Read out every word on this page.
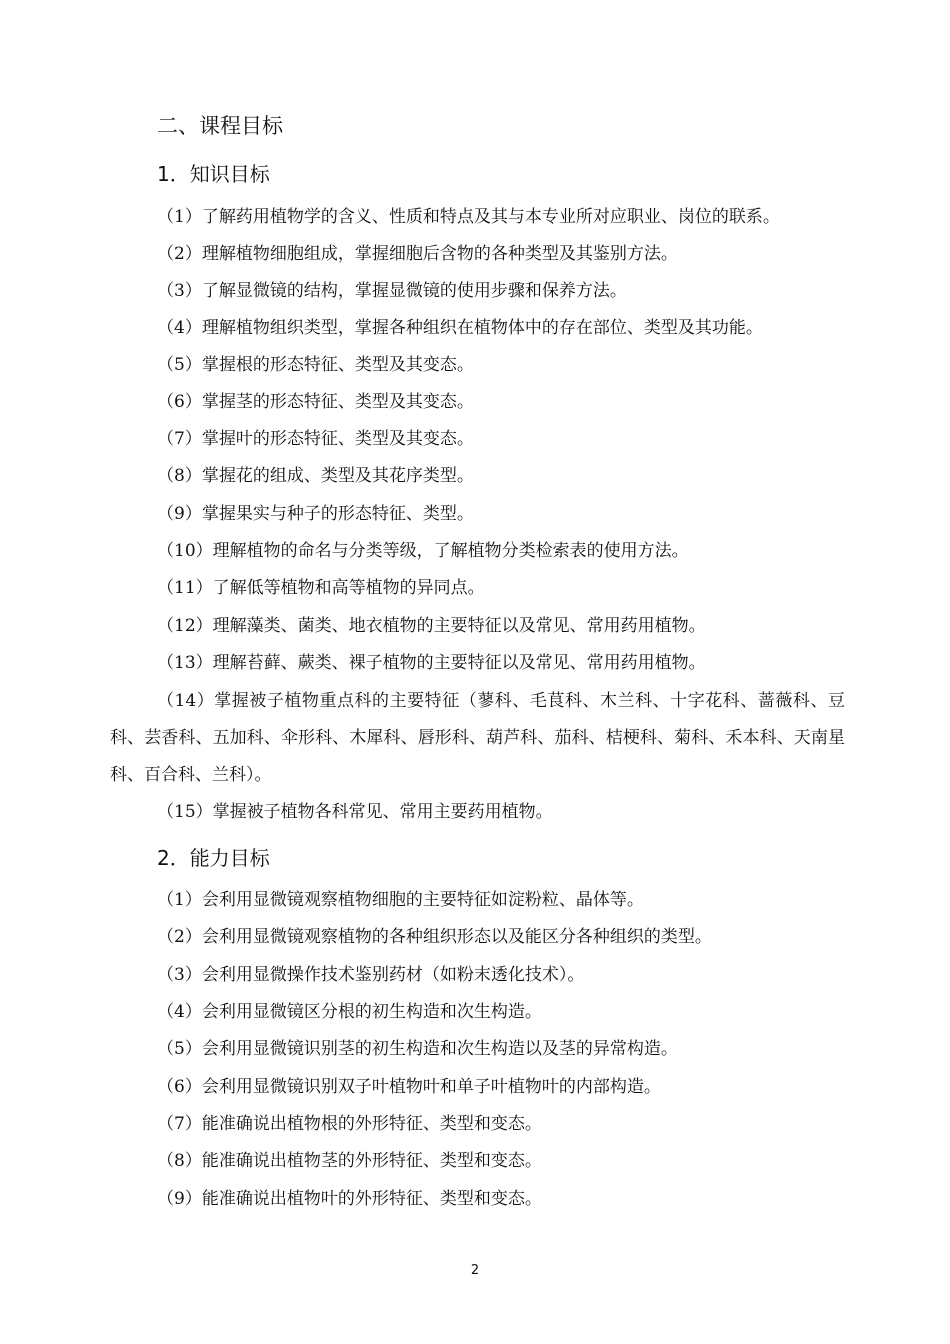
二、课程目标
1．知识目标
（1）了解药用植物学的含义、性质和特点及其与本专业所对应职业、岗位的联系。
（2）理解植物细胞组成，掌握细胞后含物的各种类型及其鉴别方法。
（3）了解显微镜的结构，掌握显微镜的使用步骤和保养方法。
（4）理解植物组织类型，掌握各种组织在植物体中的存在部位、类型及其功能。
（5）掌握根的形态特征、类型及其变态。
（6）掌握茎的形态特征、类型及其变态。
（7）掌握叶的形态特征、类型及其变态。
（8）掌握花的组成、类型及其花序类型。
（9）掌握果实与种子的形态特征、类型。
（10）理解植物的命名与分类等级，了解植物分类检索表的使用方法。
（11）了解低等植物和高等植物的异同点。
（12）理解藻类、菌类、地衣植物的主要特征以及常见、常用药用植物。
（13）理解苔藓、蕨类、裸子植物的主要特征以及常见、常用药用植物。
（14）掌握被子植物重点科的主要特征（蓼科、毛茛科、木兰科、十字花科、蔷薇科、豆科、芸香科、五加科、伞形科、木犀科、唇形科、葫芦科、茄科、桔梗科、菊科、禾本科、天南星科、百合科、兰科）。
（15）掌握被子植物各科常见、常用主要药用植物。
2．能力目标
（1）会利用显微镜观察植物细胞的主要特征如淀粉粒、晶体等。
（2）会利用显微镜观察植物的各种组织形态以及能区分各种组织的类型。
（3）会利用显微操作技术鉴别药材（如粉末透化技术）。
（4）会利用显微镜区分根的初生构造和次生构造。
（5）会利用显微镜识别茎的初生构造和次生构造以及茎的异常构造。
（6）会利用显微镜识别双子叶植物叶和单子叶植物叶的内部构造。
（7）能准确说出植物根的外形特征、类型和变态。
（8）能准确说出植物茎的外形特征、类型和变态。
（9）能准确说出植物叶的外形特征、类型和变态。
2
